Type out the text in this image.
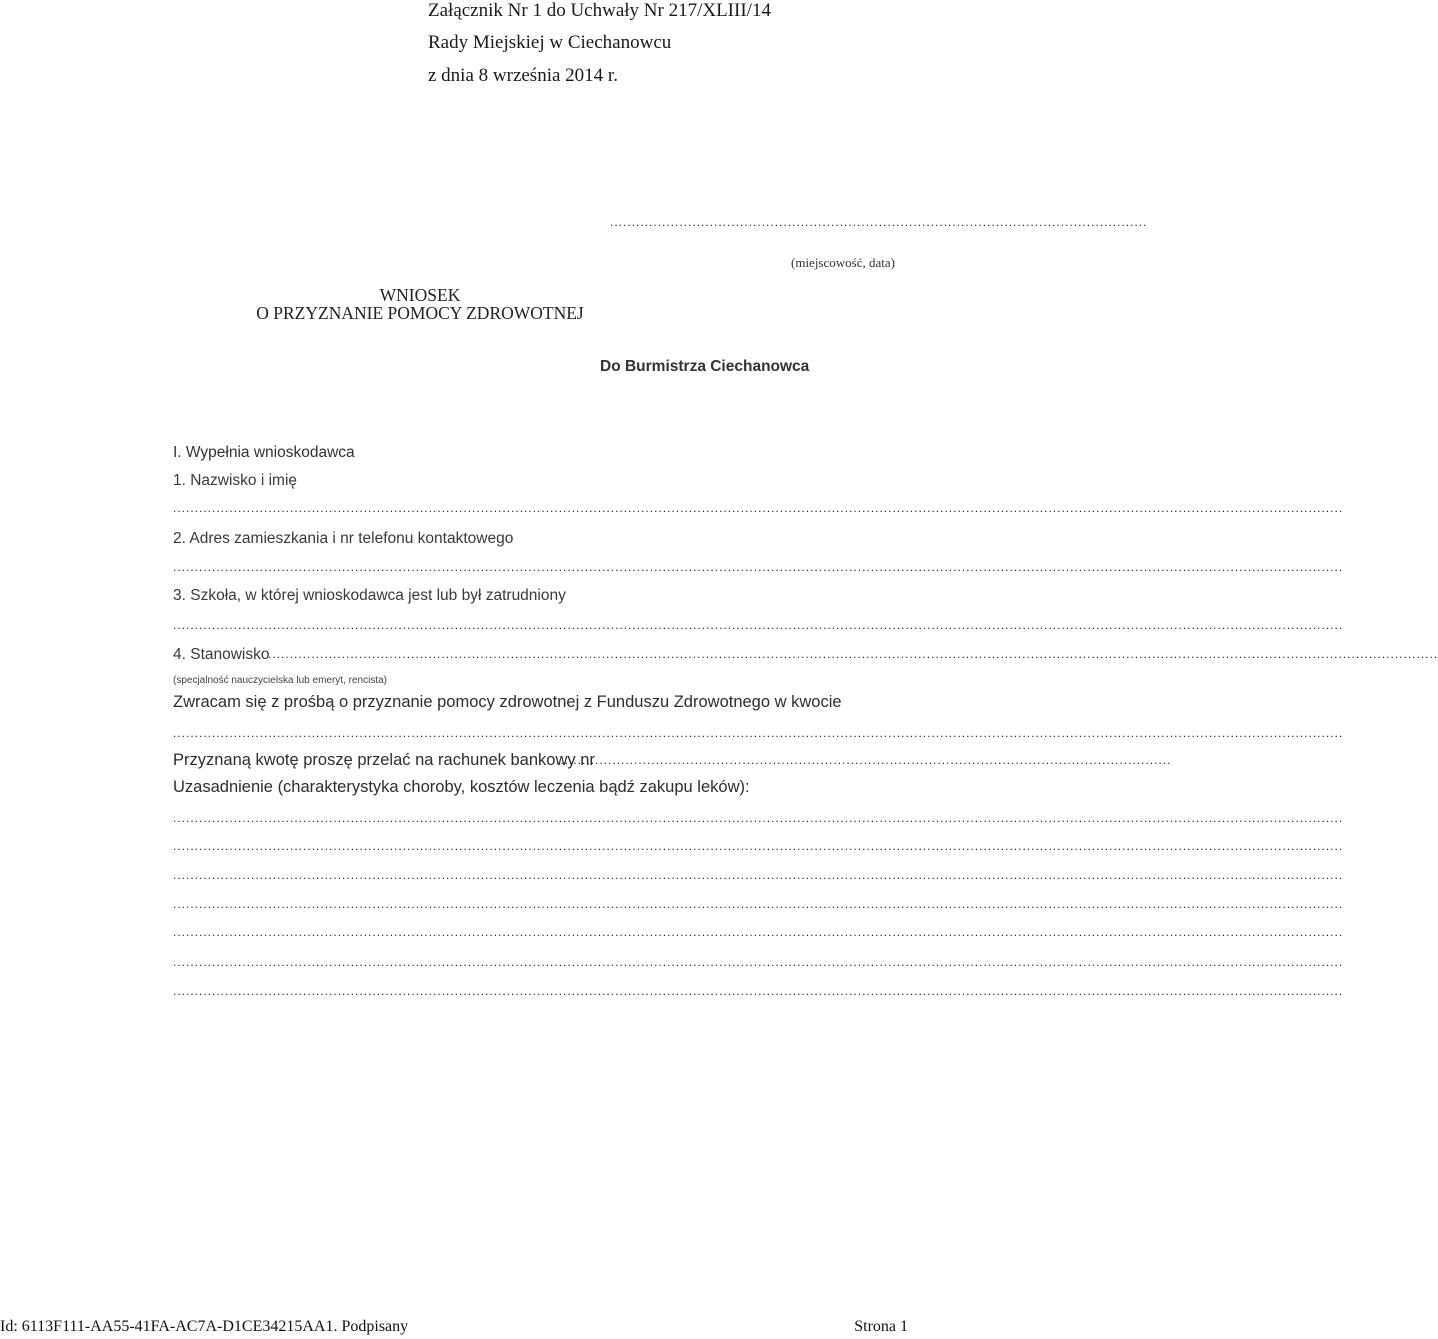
Załącznik Nr 1 do Uchwały Nr 217/XLIII/14
Rady Miejskiej w Ciechanowcu
z dnia 8 września 2014 r.
............................................................................................................................
(miejscowość, data)
WNIOSEK
O PRZYZNANIE POMOCY ZDROWOTNEJ
Do Burmistrza Ciechanowca
I. Wypełnia wnioskodawca
1. Nazwisko i imię
..............................................................................................................................................................................................................................................................................
2. Adres zamieszkania i nr telefonu kontaktowego
..............................................................................................................................................................................................................................................................................
3. Szkoła, w której wnioskodawca jest lub był zatrudniony
..............................................................................................................................................................................................................................................................................
4. Stanowisko
..............................................................................................................................................................................................................................................................................
(specjalność nauczycielska lub emeryt, rencista)
Zwracam się z prośbą o przyznanie pomocy zdrowotnej z Funduszu Zdrowotnego w kwocie
..............................................................................................................................................................................................................................................................................
Przyznaną kwotę proszę przelać na rachunek bankowy nr
..............................................................................................................................................
Uzasadnienie (charakterystyka choroby, kosztów leczenia bądź zakupu leków):
..............................................................................................................................................................................................................................................................................
..............................................................................................................................................................................................................................................................................
..............................................................................................................................................................................................................................................................................
..............................................................................................................................................................................................................................................................................
..............................................................................................................................................................................................................................................................................
..............................................................................................................................................................................................................................................................................
..............................................................................................................................................................................................................................................................................
Id: 6113F111-AA55-41FA-AC7A-D1CE34215AA1. Podpisany	Strona 1
